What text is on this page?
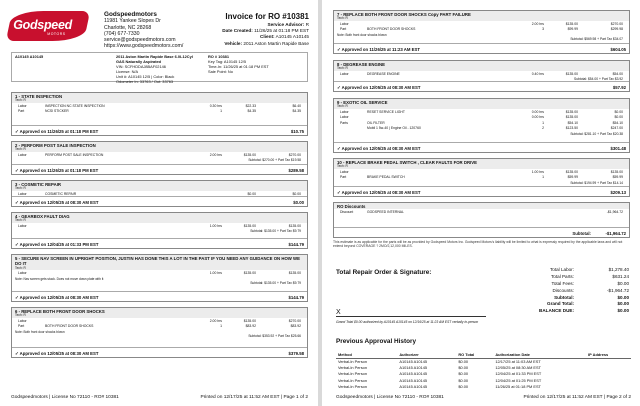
Godspeed
MOTORS
Godspeedmotors
11981 Yankee Slopes Dr
Charlotte, NC 28268
(704) 677-7330
service@godspeedmotors.com
https://www.godspeedmotors.com/
Invoice for RO #10381
Service Advisor: R
Date Created: 11/26/25 at 01:18 PM EST
Client: A10145 A10145
Vehicle: 2011 Aston Martin Rapide Base
A10145 A10145	2011 Aston Martin Rapide Base 6.0L12Cyl
GAS Naturally Aspirated
VIN: SCFHDDAJ8BAF02146
License: N/A
Unit #: A10145 12/5 | Color: Black
Odometer In: 33763 / Out: 33763
RO # 10381
Key Tag: A10145 12/5
Time-In: 11/26/25 at 01:18 PM EST
Sale Point: No
1 - STATE INSPECTION
Tech: R
Labor	INSPECTION NC STATE INSPECTION	0.30 hrs	$22.33	$6.40
Part	NCSI STICKER	1	$4.35	$4.35
✓ Approved on 11/26/25 at 01:18 PM EST	$10.75
2 - PERFORM POST SALE INSPECTION
Tech: R
Labor	PERFORM POST SALE INSPECTION	2.00 hrs	$135.00	$270.00
Subtotal: $270.00 + Part Tax $19.58
✓ Approved on 11/26/25 at 01:18 PM EST	$289.58
3 - COSMETIC REPAIR
Tech: R
Labor	COSMETIC REPAIR	$0.00	$0.00
✓ Approved on 12/05/25 at 08:30 AM EST	$0.00
4 - GEARBOX FAULT DIAG
Tech: R
Labor	1.00 hrs	$135.00	$135.00
Subtotal: $135.00 + Part Tax $9.79
✓ Approved on 12/04/25 at 01:33 PM EST	$144.79
5 - SECURE NAV SCREEN IN UPRIGHT POSITION, JUSTIN HAS DONE THIS A LOT IN THE PAST IF YOU NEED ANY GUIDANCE ON HOW WE DO IT
Tech: R
Labor	1.00 hrs	$135.00	$135.00
Note: Nav screen gets stuck. Does not move down plate with it
Subtotal: $135.00 + Part Tax $9.79
✓ Approved on 12/05/25 at 08:30 AM EST	$144.79
6 - REPLACE BOTH FRONT DOOR SHOCKS
Tech: R
Labor	2.00 hrs	$135.00	$270.00
Part	BOTH FRONT DOOR SHOCKS	1	$83.92	$83.92
Note: Both front door shocks blown
Subtotal: $353.92 + Part Tax $25.66
✓ Approved on 12/05/25 at 08:30 AM EST	$379.58
Godspeedmotors | License No 72110 - RO# 10381	Printed on 12/17/25 at 11:52 AM EST | Page 1 of 2
7 - REPLACE BOTH FRONT DOOR SHOCKS Copy PART FAILURE
Tech: R
Labor	2.00 hrs	$135.00	$270.00
Part	BOTH FRONT DOOR SHOCKS	3	$99.99	$299.98
Note: Both front door shocks blown
Subtotal: $569.98 + Part Tax $34.07
✓ Approved on 11/26/25 at 11:23 AM EST	$604.05
8 - DEGREASE ENGINE
Tech: R
Labor	DEGREASE ENGINE	0.40 hrs	$135.00	$54.00
Subtotal: $54.00 + Part Tax $3.92
✓ Approved on 12/05/25 at 08:30 AM EST	$57.92
9 - EXOTIC OIL SERVICE
Tech: R
Labor	RESET SERVICE LIGHT	0.00 hrs	$135.00	$0.00
Labor	0.00 hrs	$135.00	$0.00
Parts	OIL FILTER	1	$54.10	$54.10
Mobil 1 5w-40 | Engine Oil - 120760	2	$123.50	$247.00
Subtotal: $281.10 + Part Tax $20.38
✓ Approved on 12/05/25 at 08:30 AM EST	$301.48
10 - REPLACE BRAKE PEDAL SWITCH , CLEAR FAULTS FOR DRIVE
Tech: R
Labor	1.00 hrs	$135.00	$135.00
Part	BRAKE PEDAL SWITCH	1	$59.99	$59.99
Subtotal: $194.99 + Part Tax $14.14
✓ Approved on 12/05/25 at 08:30 AM EST	$209.13
RO Discounts
Discount	GODSPEED INTERNAL	-$1,964.72
Subtotal:	-$1,964.72
This estimate is as applicable for the parts will be as provided by Godspeed Motors Inc. Godspeed Motors's liability will be limited to what is expressly required by the applicable laws and will not extend beyond COVERAGE ? 2MO/2,12,000 MILES.
Total Repair Order & Signature:	Total Labor:	$1,278.40
Total Parts:	$631.24
Total Fees:	$0.00
Discounts:	-$1,964.72
Subtotal:	$0.00
Grand Total:	$0.00
BALANCE DUE:	$0.00
X
Grand Total $0.00 authorized by A10145 A10145 on 12/16/25 at 11:23 AM EST verbally in-person
Previous Approval History
Method	Authorizer	RO Total	Authorization Date	IP Address
Verbal-In Person	A10145 A10145	$0.00	12/17/25 at 11:03 AM EST	
Verbal-In Person	A10145 A10145	$0.00	12/05/25 at 08:30 AM EST	
Verbal-In Person	A10145 A10145	$0.00	12/04/25 at 01:33 PM EST	
Verbal-In Person	A10145 A10145	$0.00	12/04/25 at 01:25 PM EST	
Verbal-In Person	A10145 A10145	$0.00	11/26/25 at 01:18 PM EST	
Godspeedmotors | License No 72110 - RO# 10381	Printed on 12/17/25 at 11:52 AM EST | Page 2 of 2
